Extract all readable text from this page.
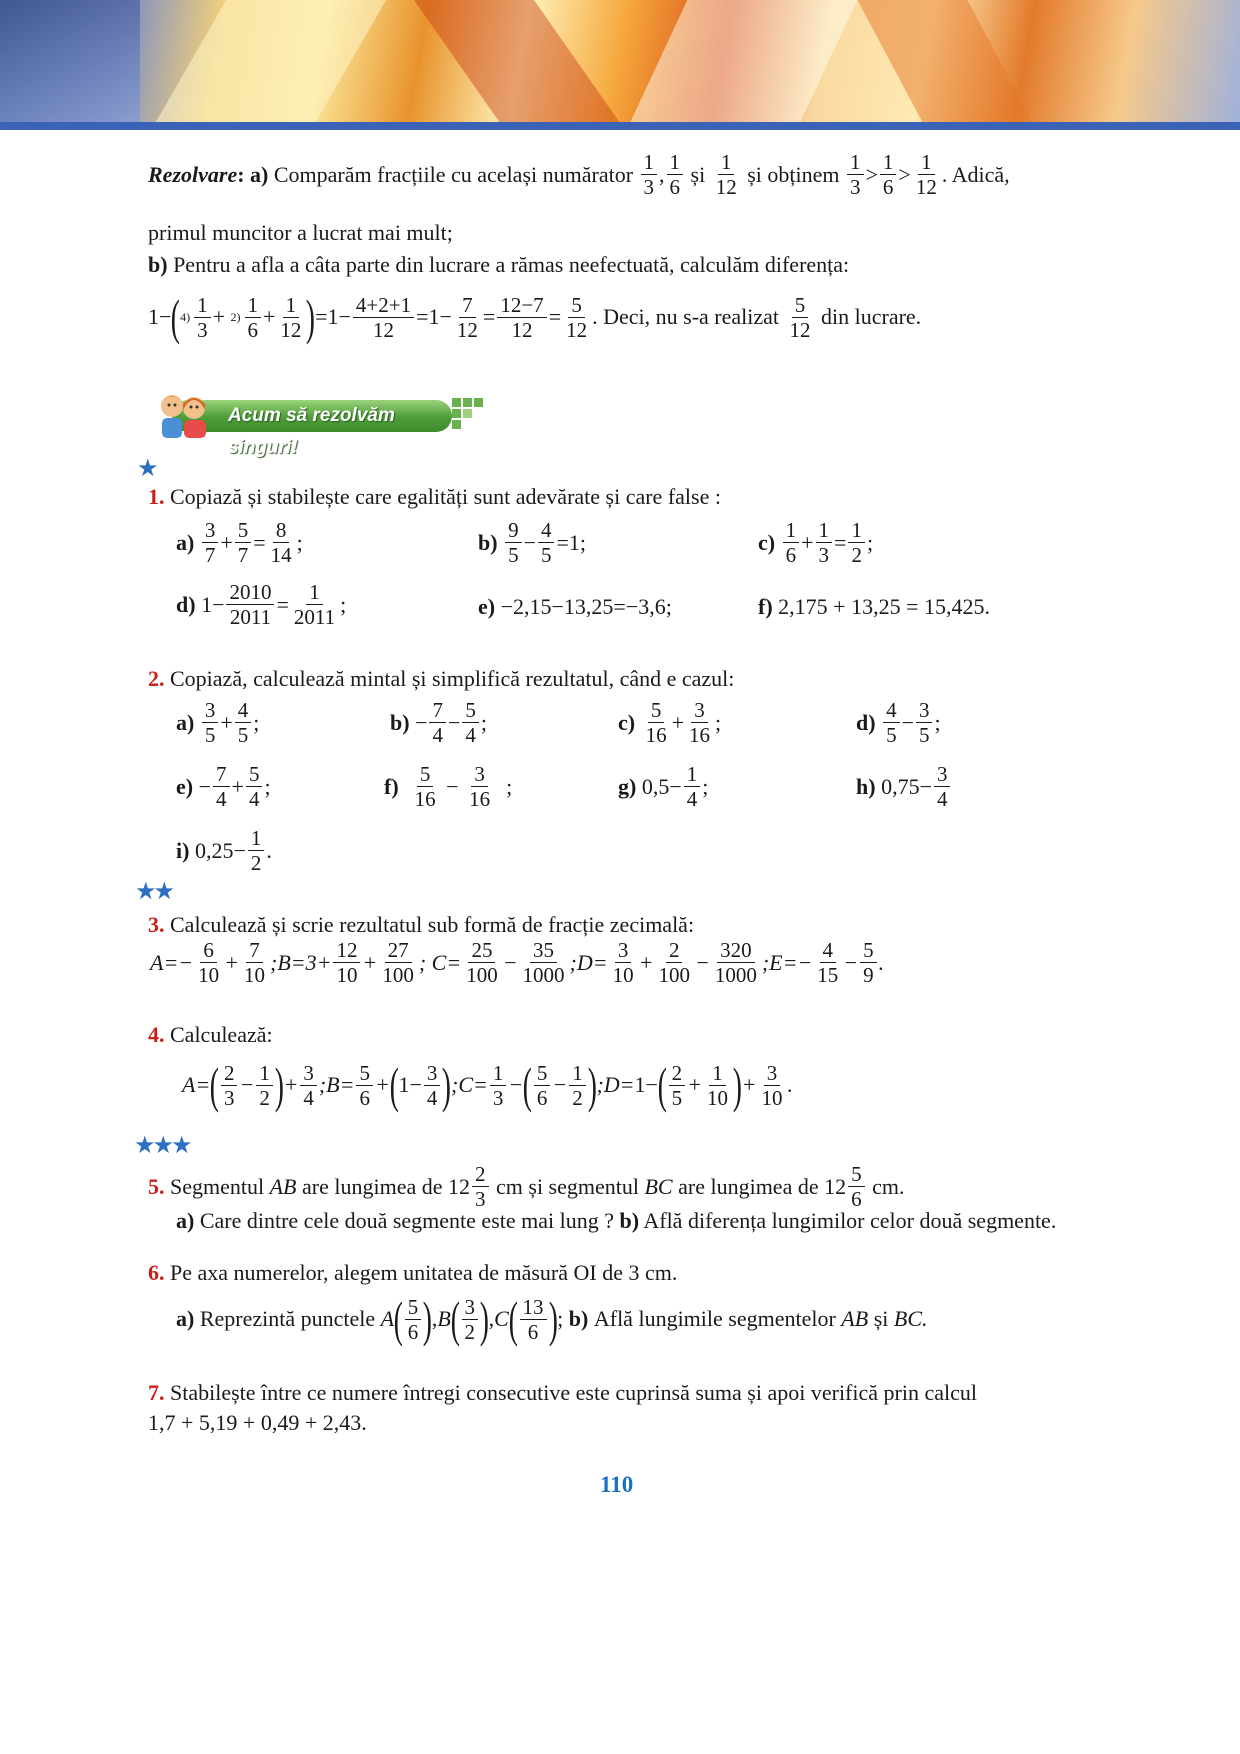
Rezolvare : a)
Comparăm fracțiile cu același numărator
$\frac{1}{3}$ , $\frac{1}{6}$
și
$\frac{1}{12}$
și obținem
$\frac{1}{3} > \frac{1}{6} > \frac{1}{12}$ . Adică,
primul muncitor a lucrat mai mult;
b) Pentru a afla a câta parte din lucrare a rămas neefectuată, calculăm diferența:
1− ( $4) \frac{1}{3} + 2) \frac{1}{6} + \frac{1}{12}$ ) $=1- \frac{4+2+1}{12} =1- \frac{7}{12} = \frac{12-7}{12} = \frac{5}{12}$ . Deci, nu s-a realizat
$\frac{5}{12}$
din lucrare.
Acum să rezolvăm singuri!
★
1. Copiază și stabilește care egalități sunt adevărate și care false :
a)
$\frac{3}{7} + \frac{5}{7} = \frac{8}{14}$ ;	b)
$\frac{9}{5} - \frac{4}{5} =1$;	c)
$\frac{1}{6} + \frac{1}{3} = \frac{1}{2}$ ;
d) $1- \frac{2010}{2011} = \frac{1}{2011}$ ;	e)
−2,15−13,25=−3,6;	f)
2,175 + 13,25 = 15,425.
2. Copiază, calculează mintal și simplifică rezultatul, când e cazul:
a)
$\frac{3}{5} + \frac{4}{5}$ ;	$b) - \frac{7}{4} - \frac{5}{4}$ ;	c)
$\frac{5}{16} + \frac{3}{16}$ ;	d)
$\frac{4}{5} - \frac{3}{5}$ ;
$e) - \frac{7}{4} + \frac{5}{4}$ ;	f)
$\frac{5}{16} - \frac{3}{16}$ ;	g) $0,5- \frac{1}{4}$ ;	h) $0,75- \frac{3}{4}$
i) $0,25- \frac{1}{2}$ .
★★
3. Calculează și scrie rezultatul sub formă de fracție zecimală:
$A=- \frac{6}{10} + \frac{7}{10}$ ;B=3+ $\frac{12}{10} + \frac{27}{100}$ ; $C= \frac{25}{100} - \frac{35}{1000}$ ;D= $\frac{3}{10} + \frac{2}{100} - \frac{320}{1000}$ ;E=− $\frac{4}{15} - \frac{5}{9}$ .
4. Calculează:
A= ( $\frac{2}{3} - \frac{1}{2}$ ) + $\frac{3}{4}$ ;B= $\frac{5}{6}$ + ( $1- \frac{3}{4}$ ) ;C= $\frac{1}{3}$ − ( $\frac{5}{6} - \frac{1}{2}$ ) ;D= 1− ( $\frac{2}{5} + \frac{1}{10}$ ) + $\frac{3}{10}$ .
★★★
5.
Segmentul
AB
are lungimea de $12 \frac{2}{3}$
cm și segmentul
BC
are lungimea de $12 \frac{5}{6}$
cm.
a) Care dintre cele două segmente este mai lung ? b) Află diferența lungimilor celor două segmente.
6. Pe axa numerelor, alegem unitatea de măsură OI de 3 cm.
a)
Reprezintă punctele
A ( $\frac{5}{6}$ ) , B ( $\frac{3}{2}$ ) , C ( $\frac{13}{6}$ ) ; b)
Află lungimile segmentelor
AB
și
BC.
7. Stabilește între ce numere întregi consecutive este cuprinsă suma și apoi verifică prin calcul
1,7 + 5,19 + 0,49 + 2,43.
110
